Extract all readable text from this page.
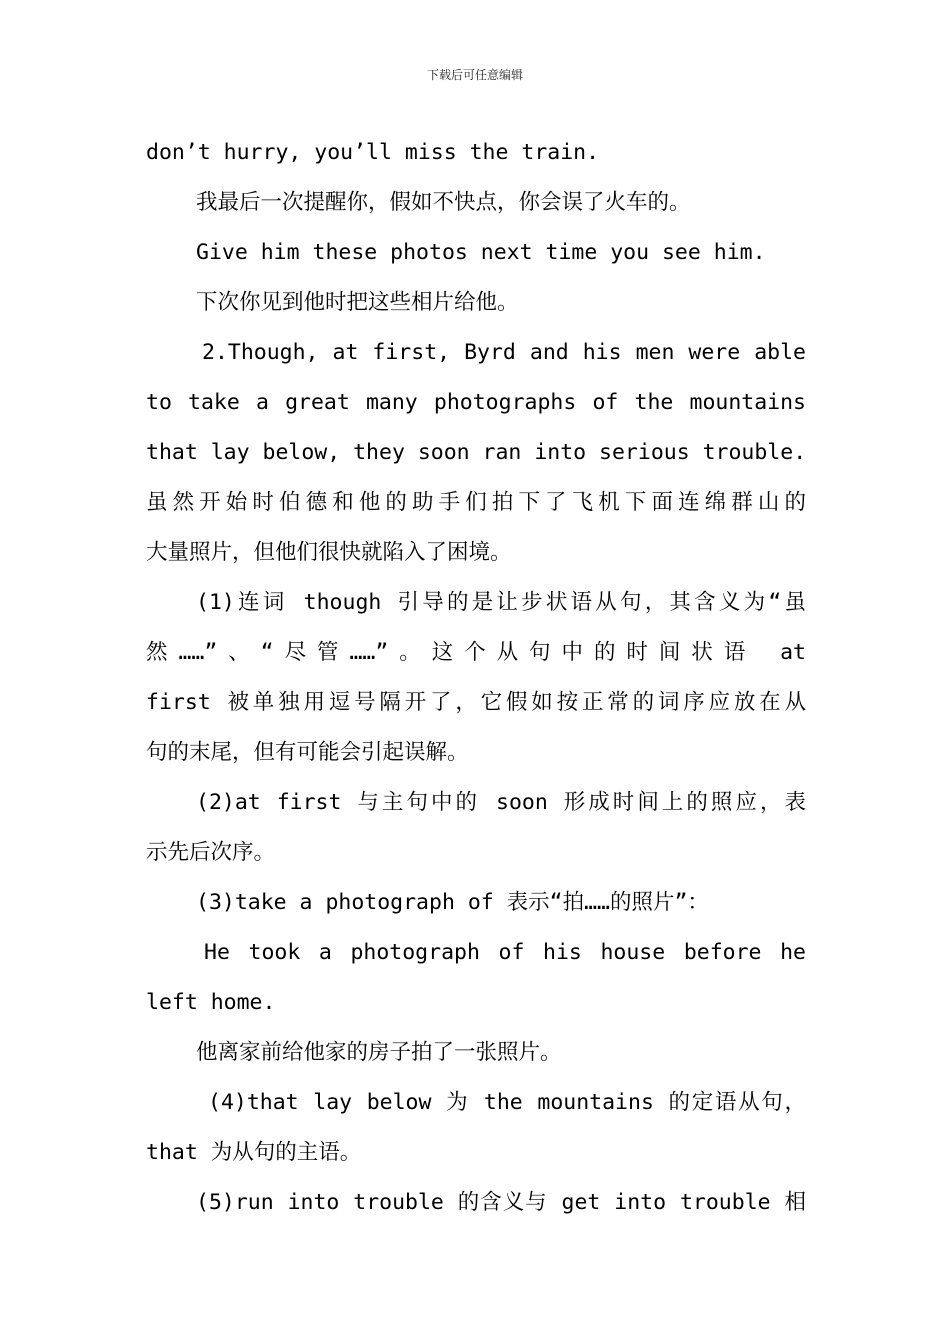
下载后可任意编辑
don’t hurry, you’ll miss the train.
我最后一次提醒你，假如不快点，你会误了火车的。
Give him these photos next time you see him.
下次你见到他时把这些相片给他。
2.Though, at first, Byrd and his men were able
to take a great many photographs of the mountains
that lay below, they soon ran into serious trouble.
虽然开始时伯德和他的助手们拍下了飞机下面连绵群山的
大量照片，但他们很快就陷入了困境。
(1)连词 though 引导的是让步状语从句，其含义为“虽
然……”、“尽管……”。这个从句中的时间状语 at
first 被单独用逗号隔开了，它假如按正常的词序应放在从
句的末尾，但有可能会引起误解。
(2)at first 与主句中的 soon 形成时间上的照应，表
示先后次序。
(3)take a photograph of 表示“拍……的照片”：
He took a photograph of his house before he
left home.
他离家前给他家的房子拍了一张照片。
(4)that lay below 为 the mountains 的定语从句，
that 为从句的主语。
(5)run into trouble 的含义与 get into trouble 相
